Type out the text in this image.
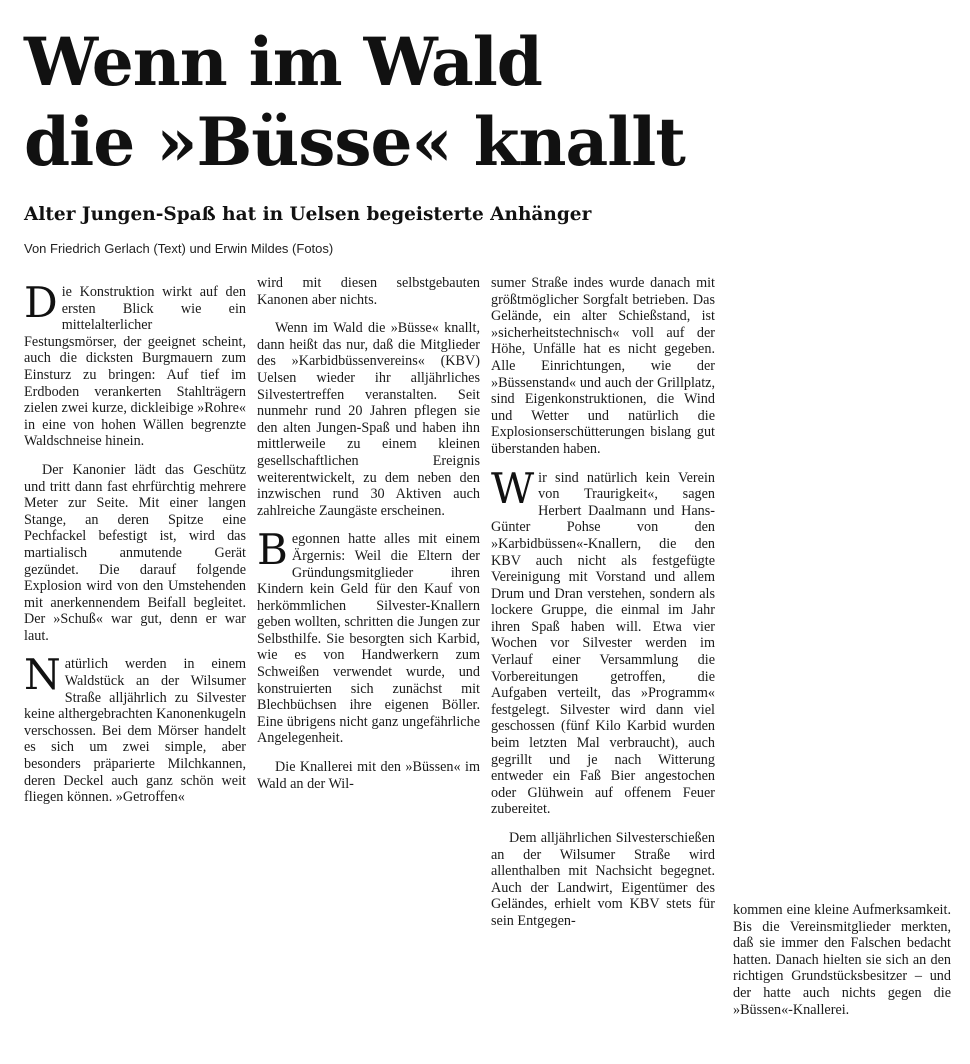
Wenn im Wald
die »Büsse« knallt
Alter Jungen-Spaß hat in Uelsen begeisterte Anhänger
Von Friedrich Gerlach (Text) und Erwin Mildes (Fotos)

Die Konstruktion wirkt auf den ersten Blick wie ein mittelalterlicher Festungsmörser, der geeignet scheint, auch die dicksten Burgmauern zum Einsturz zu bringen: Auf tief im Erdboden verankerten Stahlträgern zielen zwei kurze, dickleibige »Rohre« in eine von hohen Wällen begrenzte Waldschneise hinein.

Der Kanonier lädt das Geschütz und tritt dann fast ehrfürchtig mehrere Meter zur Seite. Mit einer langen Stange, an deren Spitze eine Pechfackel befestigt ist, wird das martialisch anmutende Gerät gezündet. Die darauf folgende Explosion wird von den Umstehenden mit anerkennendem Beifall begleitet. Der »Schuß« war gut, denn er war laut.

Natürlich werden in einem Waldstück an der Wilsumer Straße alljährlich zu Silvester keine althergebrachten Kanonenkugeln verschossen. Bei dem Mörser handelt es sich um zwei simple, aber besonders präparierte Milchkannen, deren Deckel auch ganz schön weit fliegen können. »Getroffen«

wird mit diesen selbstgebauten Kanonen aber nichts.

Wenn im Wald die »Büsse« knallt, dann heißt das nur, daß die Mitglieder des »Karbidbüssenvereins« (KBV) Uelsen wieder ihr alljährliches Silvestertreffen veranstalten. Seit nunmehr rund 20 Jahren pflegen sie den alten Jungen-Spaß und haben ihn mittlerweile zu einem kleinen gesellschaftlichen Ereignis weiterentwickelt, zu dem neben den inzwischen rund 30 Aktiven auch zahlreiche Zaungäste erscheinen.

Begonnen hatte alles mit einem Ärgernis: Weil die Eltern der Gründungsmitglieder ihren Kindern kein Geld für den Kauf von herkömmlichen Silvester-Knallern geben wollten, schritten die Jungen zur Selbsthilfe. Sie besorgten sich Karbid, wie es von Handwerkern zum Schweißen verwendet wurde, und konstruierten sich zunächst mit Blechbüchsen ihre eigenen Böller. Eine übrigens nicht ganz ungefährliche Angelegenheit.

Die Knallerei mit den »Büssen« im Wald an der Wil-

sumer Straße indes wurde danach mit größtmöglicher Sorgfalt betrieben. Das Gelände, ein alter Schießstand, ist »sicherheitstechnisch« voll auf der Höhe, Unfälle hat es nicht gegeben. Alle Einrichtungen, wie der »Büssenstand« und auch der Grillplatz, sind Eigenkonstruktionen, die Wind und Wetter und natürlich die Explosionserschütterungen bislang gut überstanden haben.

Wir sind natürlich kein Verein von Traurigkeit«, sagen Herbert Daalmann und Hans-Günter Pohse von den »Karbidbüssen«-Knallern, die den KBV auch nicht als festgefügte Vereinigung mit Vorstand und allem Drum und Dran verstehen, sondern als lockere Gruppe, die einmal im Jahr ihren Spaß haben will. Etwa vier Wochen vor Silvester werden im Verlauf einer Versammlung die Vorbereitungen getroffen, die Aufgaben verteilt, das »Programm« festgelegt. Silvester wird dann viel geschossen (fünf Kilo Karbid wurden beim letzten Mal verbraucht), auch gegrillt und je nach Witterung entweder ein Faß Bier angestochen oder Glühwein auf offenem Feuer zubereitet.

Dem alljährlichen Silvesterschießen an der Wilsumer Straße wird allenthalben mit Nachsicht begegnet. Auch der Landwirt, Eigentümer des Geländes, erhielt vom KBV stets für sein Entgegen-

kommen eine kleine Aufmerksamkeit. Bis die Vereinsmitglieder merkten, daß sie immer den Falschen bedacht hatten. Danach hielten sie sich an den richtigen Grundstücksbesitzer – und der hatte auch nichts gegen die »Büssen«-Knallerei.
